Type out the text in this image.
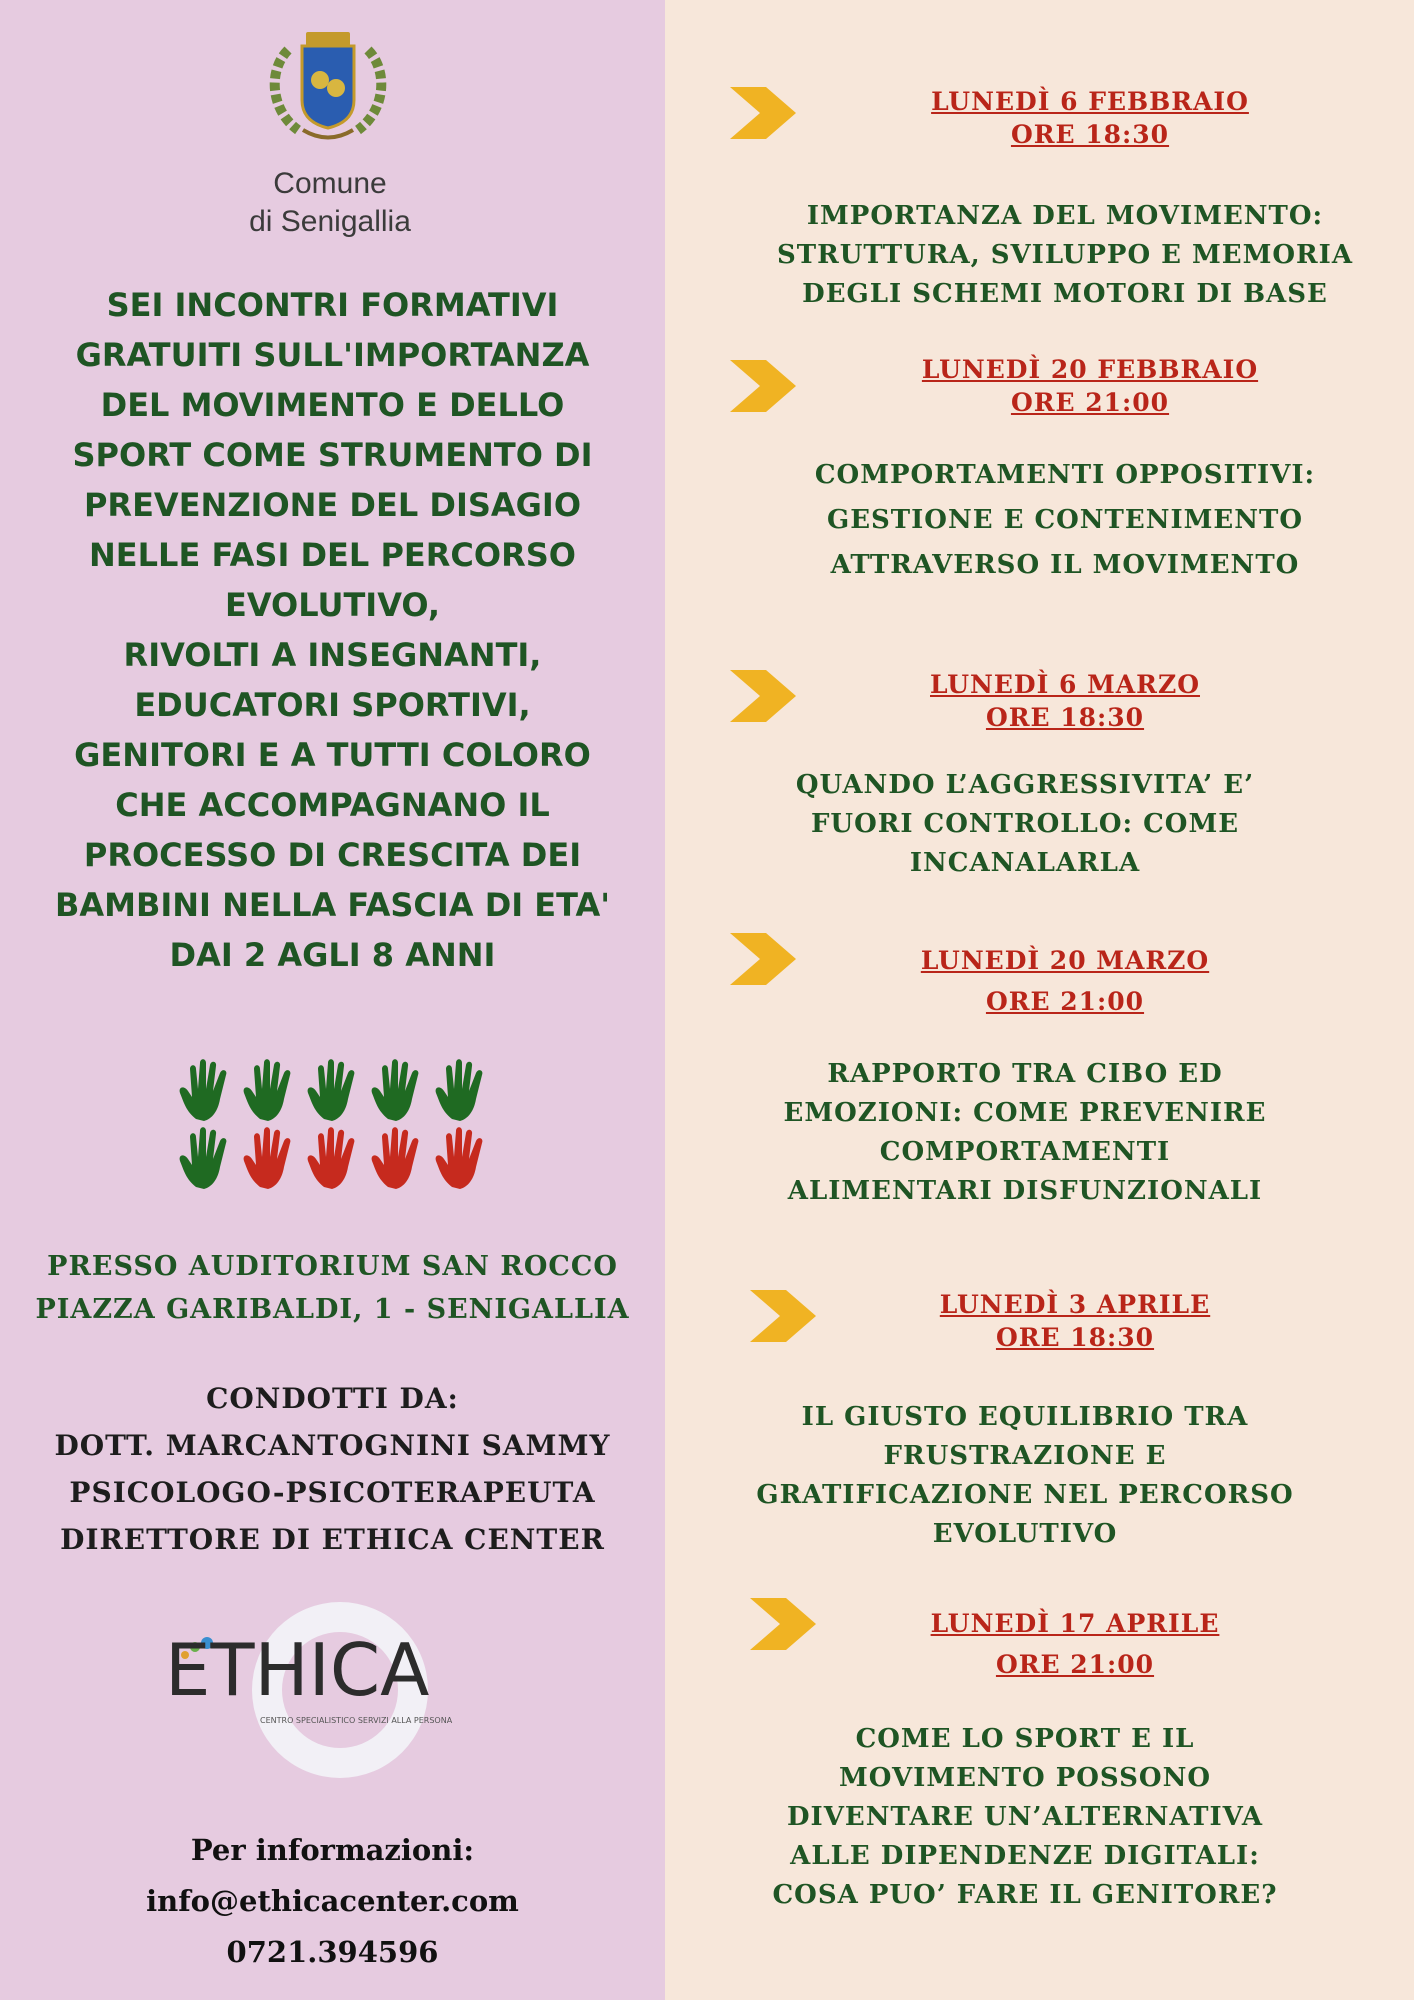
Comune
di Senigallia
SEI INCONTRI FORMATIVI
GRATUITI SULL'IMPORTANZA
DEL MOVIMENTO E DELLO
SPORT COME STRUMENTO DI
PREVENZIONE DEL DISAGIO
NELLE FASI DEL PERCORSO
EVOLUTIVO,
RIVOLTI A INSEGNANTI,
EDUCATORI SPORTIVI,
GENITORI E A TUTTI COLORO
CHE ACCOMPAGNANO IL
PROCESSO DI CRESCITA DEI
BAMBINI NELLA FASCIA DI ETA'
DAI 2 AGLI 8 ANNI
PRESSO AUDITORIUM SAN ROCCO
PIAZZA GARIBALDI, 1 - SENIGALLIA
CONDOTTI DA:
DOTT. MARCANTOGNINI SAMMY
PSICOLOGO-PSICOTERAPEUTA
DIRETTORE DI ETHICA CENTER
ETHICA
CENTRO SPECIALISTICO SERVIZI ALLA PERSONA
Per informazioni:
info@ethicacenter.com
0721.394596
LUNEDÌ 6 FEBBRAIO
ORE 18:30
IMPORTANZA DEL MOVIMENTO:
STRUTTURA, SVILUPPO E MEMORIA
DEGLI SCHEMI MOTORI DI BASE
LUNEDÌ 20 FEBBRAIO
ORE 21:00
COMPORTAMENTI OPPOSITIVI:
GESTIONE E CONTENIMENTO
ATTRAVERSO IL MOVIMENTO
LUNEDÌ 6 MARZO
ORE 18:30
QUANDO L’AGGRESSIVITA’ E’
FUORI CONTROLLO: COME
INCANALARLA
LUNEDÌ 20 MARZO
ORE 21:00
RAPPORTO TRA CIBO ED
EMOZIONI: COME PREVENIRE
COMPORTAMENTI
ALIMENTARI DISFUNZIONALI
LUNEDÌ 3 APRILE
ORE 18:30
IL GIUSTO EQUILIBRIO TRA
FRUSTRAZIONE E
GRATIFICAZIONE NEL PERCORSO
EVOLUTIVO
LUNEDÌ 17 APRILE
ORE 21:00
COME LO SPORT E IL
MOVIMENTO POSSONO
DIVENTARE UN’ALTERNATIVA
ALLE DIPENDENZE DIGITALI:
COSA PUO’ FARE IL GENITORE?
